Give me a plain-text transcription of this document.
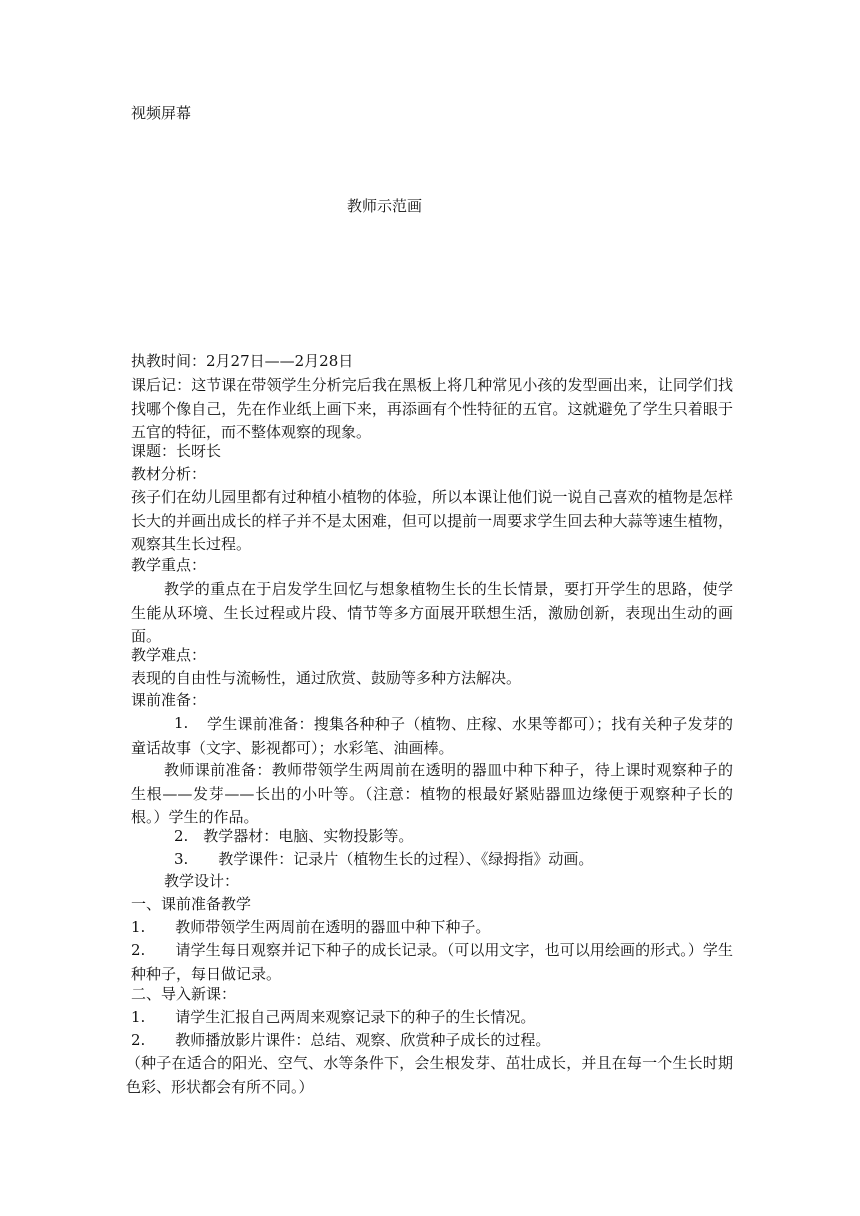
视频屏幕
教师示范画
执教时间：2月27日——2月28日
课后记：这节课在带领学生分析完后我在黑板上将几种常见小孩的发型画出来，让同学们找找哪个像自己，先在作业纸上画下来，再添画有个性特征的五官。这就避免了学生只着眼于五官的特征，而不整体观察的现象。
课题：长呀长
教材分析：
孩子们在幼儿园里都有过种植小植物的体验，所以本课让他们说一说自己喜欢的植物是怎样长大的并画出成长的样子并不是太困难，但可以提前一周要求学生回去种大蒜等速生植物，观察其生长过程。
教学重点：
教学的重点在于启发学生回忆与想象植物生长的生长情景，要打开学生的思路，使学生能从环境、生长过程或片段、情节等多方面展开联想生活，激励创新，表现出生动的画面。
教学难点：
表现的自由性与流畅性，通过欣赏、鼓励等多种方法解决。
课前准备：
1.	学生课前准备：搜集各种种子（植物、庄稼、水果等都可）；找有关种子发芽的童话故事（文字、影视都可）；水彩笔、油画棒。
教师课前准备：教师带领学生两周前在透明的器皿中种下种子，待上课时观察种子的生根——发芽——长出的小叶等。（注意：植物的根最好紧贴器皿边缘便于观察种子长的根。）学生的作品。
2.　教学器材：电脑、实物投影等。
3.　　教学课件：记录片（植物生长的过程）、《绿拇指》动画。
教学设计：
一、课前准备教学
1.　　教师带领学生两周前在透明的器皿中种下种子。
2.　　请学生每日观察并记下种子的成长记录。（可以用文字，也可以用绘画的形式。）学生种种子，每日做记录。
二、导入新课：
1.　　请学生汇报自己两周来观察记录下的种子的生长情况。
2.　　教师播放影片课件：总结、观察、欣赏种子成长的过程。
（种子在适合的阳光、空气、水等条件下，会生根发芽、茁壮成长，并且在每一个生长时期色彩、形状都会有所不同。）
